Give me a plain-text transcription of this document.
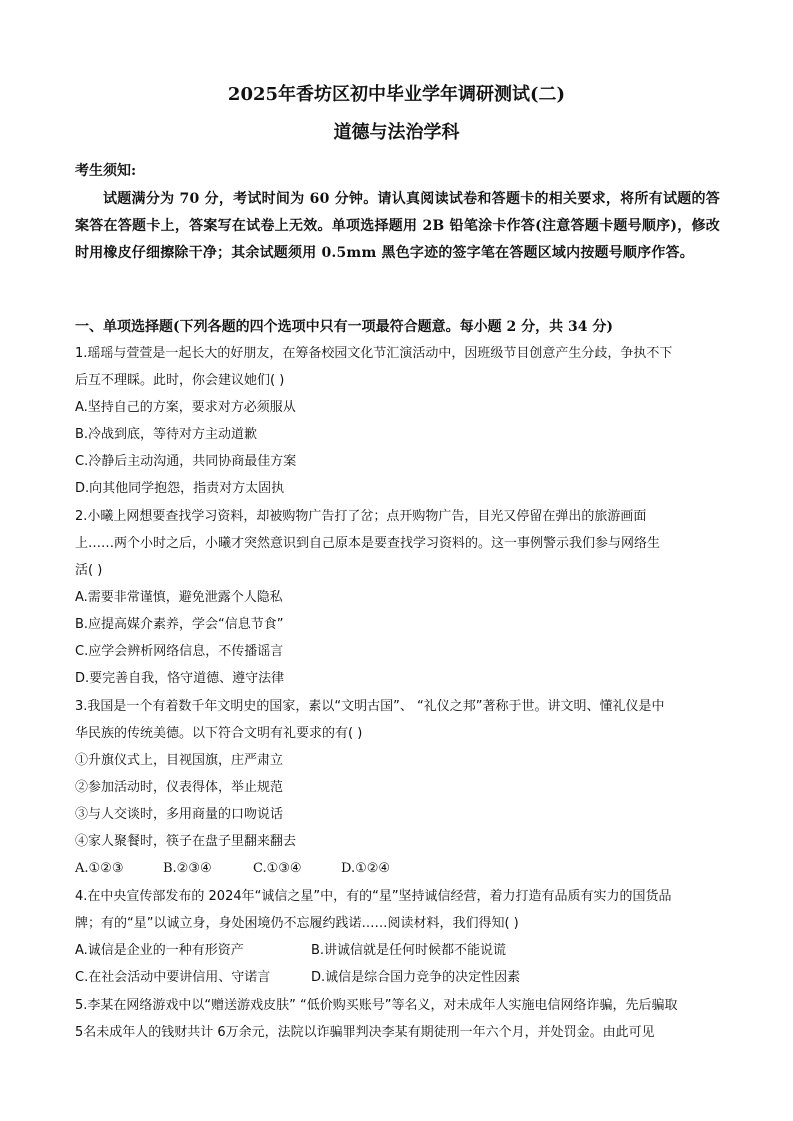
2025年香坊区初中毕业学年调研测试(二)
道德与法治学科
考生须知:
试题满分为 70 分，考试时间为 60 分钟。请认真阅读试卷和答题卡的相关要求，将所有试题的答案答在答题卡上，答案写在试卷上无效。单项选择题用 2B 铅笔涂卡作答(注意答题卡题号顺序)，修改时用橡皮仔细擦除干净；其余试题须用 0.5mm 黑色字迹的签字笔在答题区域内按题号顺序作答。
一、单项选择题(下列各题的四个选项中只有一项最符合题意。每小题 2 分，共 34 分)
1.瑶瑶与萱萱是一起长大的好朋友，在筹备校园文化节汇演活动中，因班级节目创意产生分歧，争执不下
后互不理睬。此时，你会建议她们( )
A.坚持自己的方案，要求对方必须服从
B.冷战到底，等待对方主动道歉
C.冷静后主动沟通，共同协商最佳方案
D.向其他同学抱怨，指责对方太固执
2.小曦上网想要查找学习资料，却被购物广告打了岔；点开购物广告，目光又停留在弹出的旅游画面
上……两个小时之后，小曦才突然意识到自己原本是要查找学习资料的。这一事例警示我们参与网络生
活( )
A.需要非常谨慎，避免泄露个人隐私
B.应提高媒介素养，学会“信息节食”
C.应学会辨析网络信息，不传播谣言
D.要完善自我，恪守道德、遵守法律
3.我国是一个有着数千年文明史的国家，素以“文明古国”、 “礼仪之邦”著称于世。讲文明、懂礼仪是中
华民族的传统美德。以下符合文明有礼要求的有( )
①升旗仪式上，目视国旗，庄严肃立
②参加活动时，仪表得体，举止规范
③与人交谈时，多用商量的口吻说话
④家人聚餐时，筷子在盘子里翻来翻去
A.①②③	B.②③④	C.①③④	D.①②④
4.在中央宣传部发布的 2024年“诚信之星”中，有的“星”坚持诚信经营，着力打造有品质有实力的国货品
牌；有的“星”以诚立身，身处困境仍不忘履约践诺……阅读材料，我们得知( )
A.诚信是企业的一种有形资产	B.讲诚信就是任何时候都不能说谎
C.在社会活动中要讲信用、守诺言	D.诚信是综合国力竞争的决定性因素
5.李某在网络游戏中以“赠送游戏皮肤” “低价购买账号”等名义，对未成年人实施电信网络诈骗，先后骗取
5名未成年人的钱财共计 6万余元，法院以诈骗罪判决李某有期徒刑一年六个月，并处罚金。由此可见
